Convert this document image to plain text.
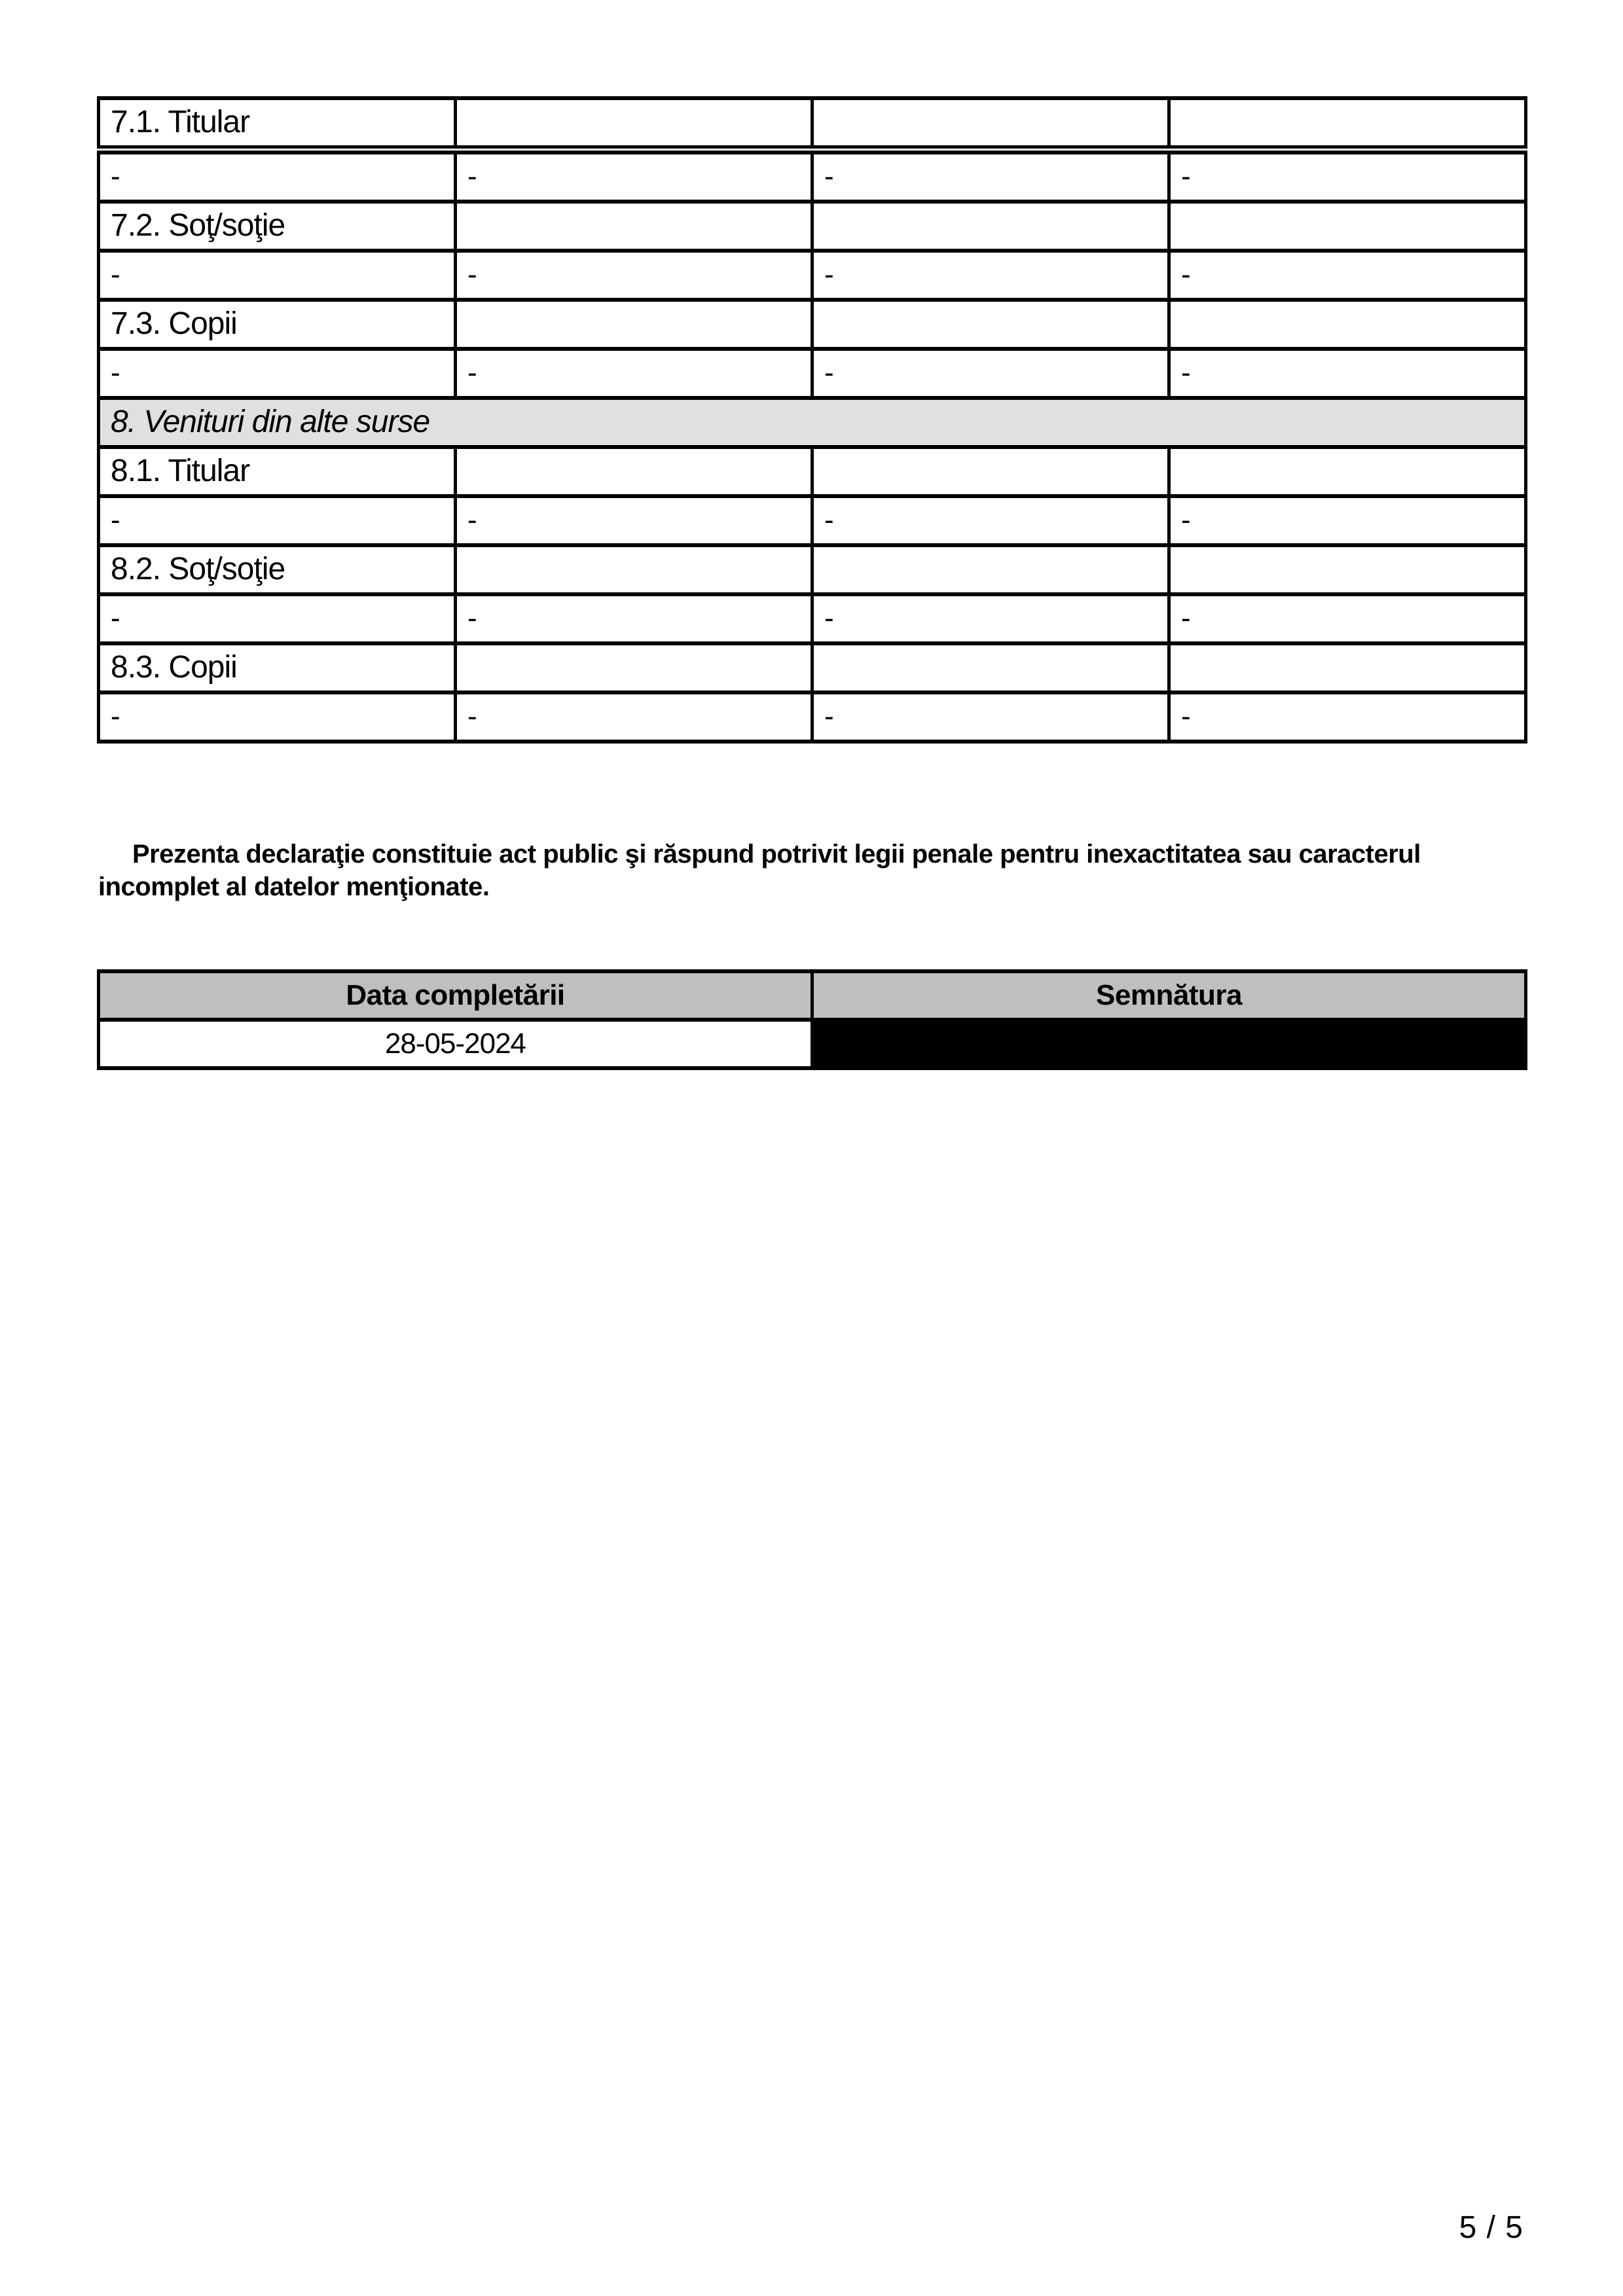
7.1. Titular			
-	-	-	-
7.2. Soţ/soţie			
-	-	-	-
7.3. Copii			
-	-	-	-
8. Venituri din alte surse			
8.1. Titular			
-	-	-	-
8.2. Soţ/soţie			
-	-	-	-
8.3. Copii			
-	-	-	-

Prezenta declaraţie constituie act public şi răspund potrivit legii penale pentru inexactitatea sau caracterul incomplet al datelor menţionate.

Data completării	Semnătura
28-05-2024	
5 / 5
